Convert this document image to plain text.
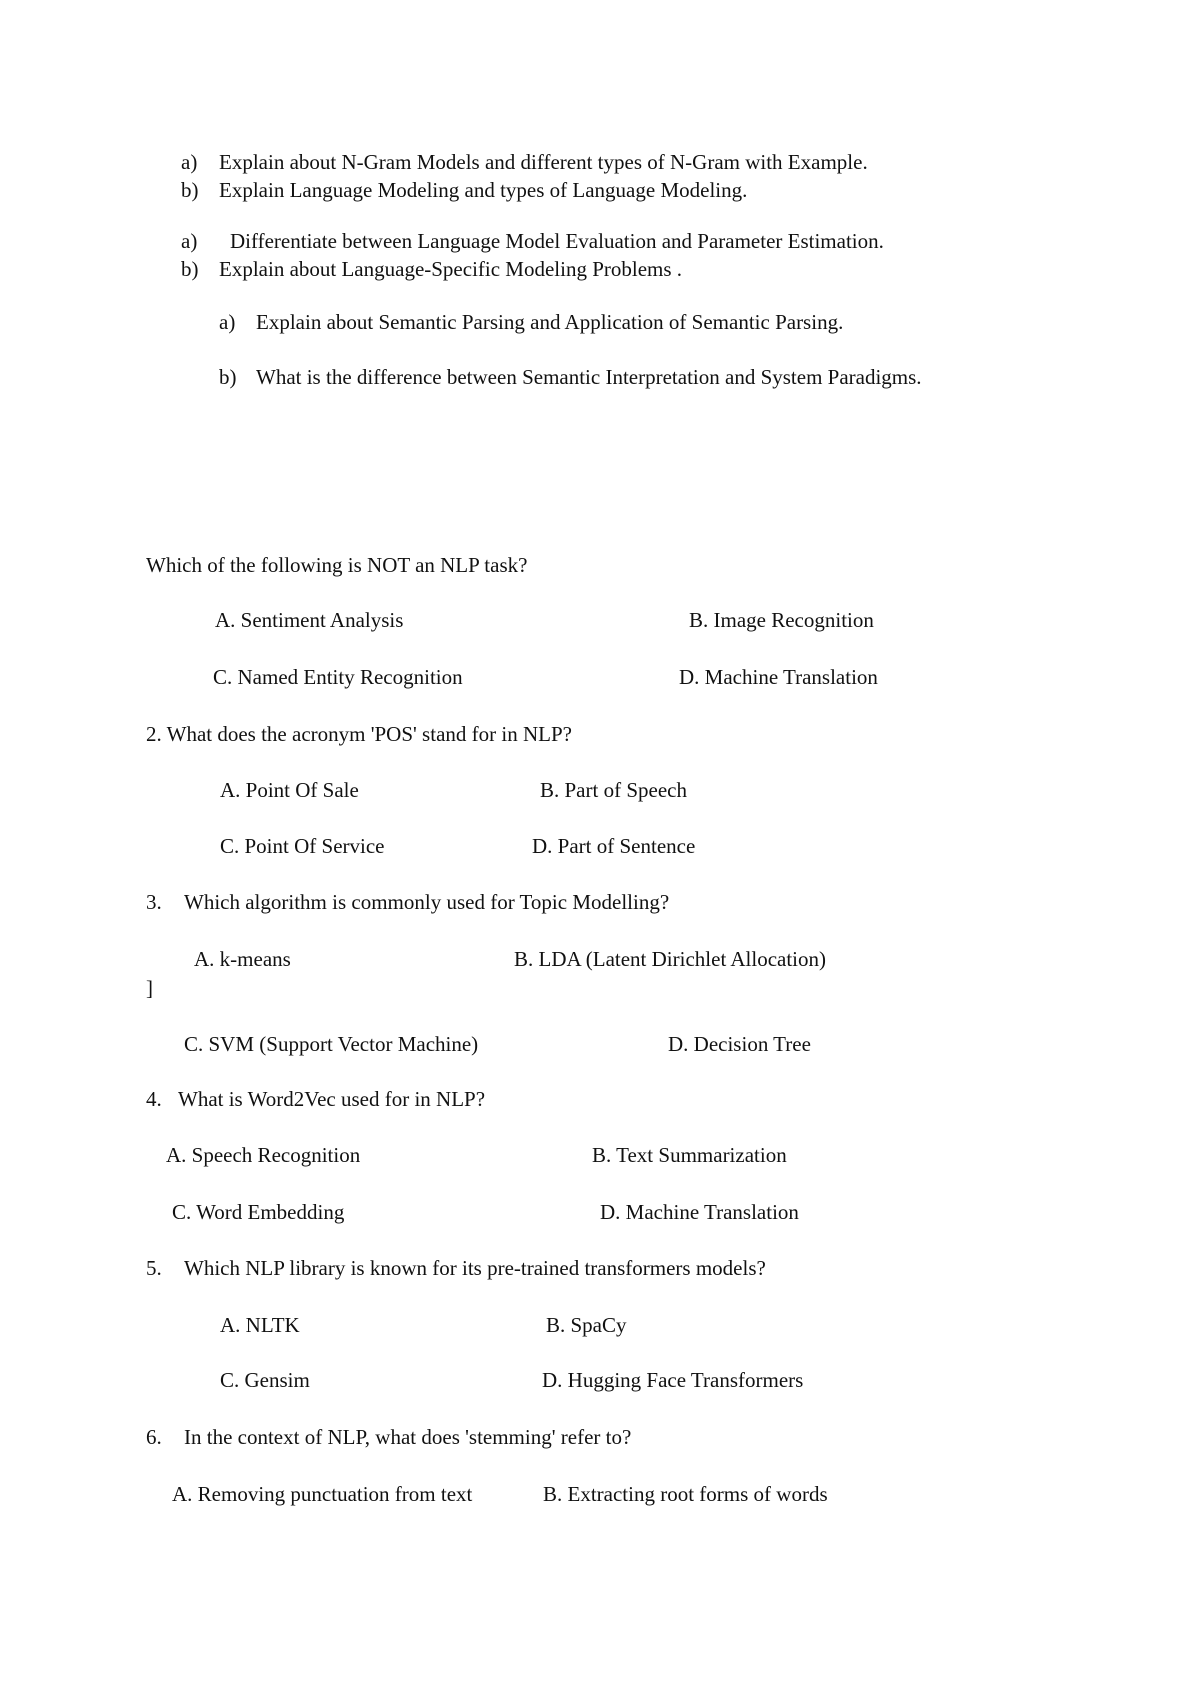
a) Explain about N-Gram Models and different types of N-Gram with Example.
b) Explain Language Modeling and types of Language Modeling.
a) Differentiate between Language Model Evaluation and Parameter Estimation.
b) Explain about Language-Specific Modeling Problems .
a) Explain about Semantic Parsing and Application of Semantic Parsing.
b) What is the difference between Semantic Interpretation and System Paradigms.
Which of the following is NOT an NLP task?
A. Sentiment Analysis	B. Image Recognition
C. Named Entity Recognition	D. Machine Translation
2. What does the acronym 'POS' stand for in NLP?
A. Point Of Sale	B. Part of Speech
C. Point Of Service	D. Part of Sentence
3. Which algorithm is commonly used for Topic Modelling?
A. k-means	B. LDA (Latent Dirichlet Allocation)
]
C. SVM (Support Vector Machine)	D. Decision Tree
4. What is Word2Vec used for in NLP?
A. Speech Recognition	B. Text Summarization
C. Word Embedding	D. Machine Translation
5. Which NLP library is known for its pre-trained transformers models?
A. NLTK	B. SpaCy
C. Gensim	D. Hugging Face Transformers
6. In the context of NLP, what does 'stemming' refer to?
A. Removing punctuation from text	B. Extracting root forms of words
